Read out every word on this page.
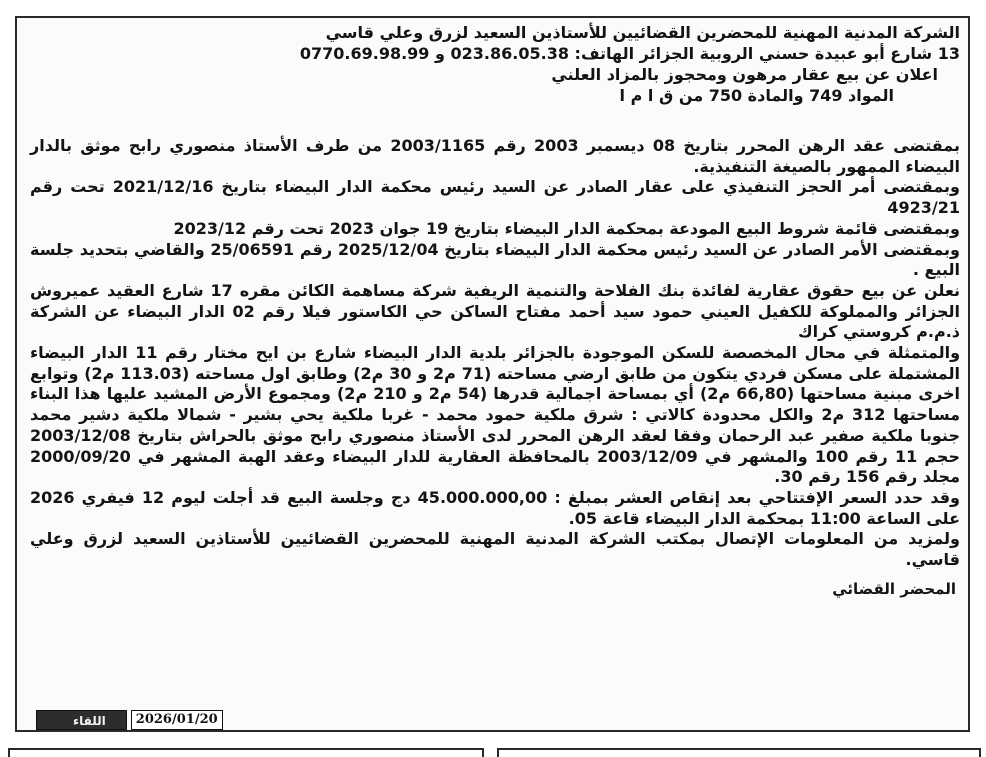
الشركة المدنية المهنية للمحضرين القضائيين للأستاذين السعيد لزرق وعلي قاسي
13 شارع أبو عبيدة حسني الروبية الجزائر الهاتف: 023.86.05.38 و 0770.69.98.99
اعلان عن بيع عقار مرهون ومحجوز بالمزاد العلني
المواد 749 والمادة 750 من ق ا م ا

بمقتضى عقد الرهن المحرر بتاريخ 08 ديسمبر 2003 رقم 2003/1165 من طرف الأستاذ منصوري رابح موثق بالدار البيضاء الممهور بالصيغة التنفيذية.

وبمقتضى أمر الحجز التنفيذي على عقار الصادر عن السيد رئيس محكمة الدار البيضاء بتاريخ 2021/12/16 تحت رقم 4923/21

وبمقتضى قائمة شروط البيع المودعة بمحكمة الدار البيضاء بتاريخ 19 جوان 2023 تحت رقم 2023/12

وبمقتضى الأمر الصادر عن السيد رئيس محكمة الدار البيضاء بتاريخ 2025/12/04 رقم 25/06591 والقاضي بتحديد جلسة البيع .

نعلن عن بيع حقوق عقارية لفائدة بنك الفلاحة والتنمية الريفية شركة مساهمة الكائن مقره 17 شارع العقيد عميروش الجزائر والمملوكة للكفيل العيني حمود سيد أحمد مفتاح الساكن حي الكاستور فيلا رقم 02 الدار البيضاء عن الشركة ذ.م.م كروستي كراك

والمتمثلة في محال المخصصة للسكن الموجودة بالجزائر بلدية الدار البيضاء شارع بن ايح مختار رقم 11 الدار البيضاء المشتملة على مسكن فردي يتكون من طابق ارضي مساحته (71 م2 و 30 م2) وطابق اول مساحته (113.03 م2) وتوابع اخرى مبنية مساحتها (66,80 م2) أي بمساحة اجمالية قدرها (54 م2 و 210 م2) ومجموع الأرض المشيد عليها هذا البناء مساحتها 312 م2 والكل محدودة كالاتي : شرق ملكية حمود محمد - غربا ملكية يحي بشير - شمالا ملكية دشير محمد جنوبا ملكية صفير عبد الرحمان وفقا لعقد الرهن المحرر لدى الأستاذ منصوري رابح موثق بالحراش بتاريخ 2003/12/08 حجم 11 رقم 100 والمشهر في 2003/12/09 بالمحافظة العقارية للدار البيضاء وعقد الهبة المشهر في 2000/09/20 مجلد رقم 156 رقم 30.

وقد حدد السعر الإفتتاحي بعد إنقاص العشر بمبلغ : 45.000.000,00 دج وجلسة البيع قد أجلت ليوم 12 فيفري 2026 على الساعة 11:00 بمحكمة الدار البيضاء قاعة 05.

ولمزيد من المعلومات الإتصال بمكتب الشركة المدنية المهنية للمحضرين القضائيين للأستاذين السعيد لزرق وعلي قاسي.

المحضر القضائي
اللقاء	2026/01/20
